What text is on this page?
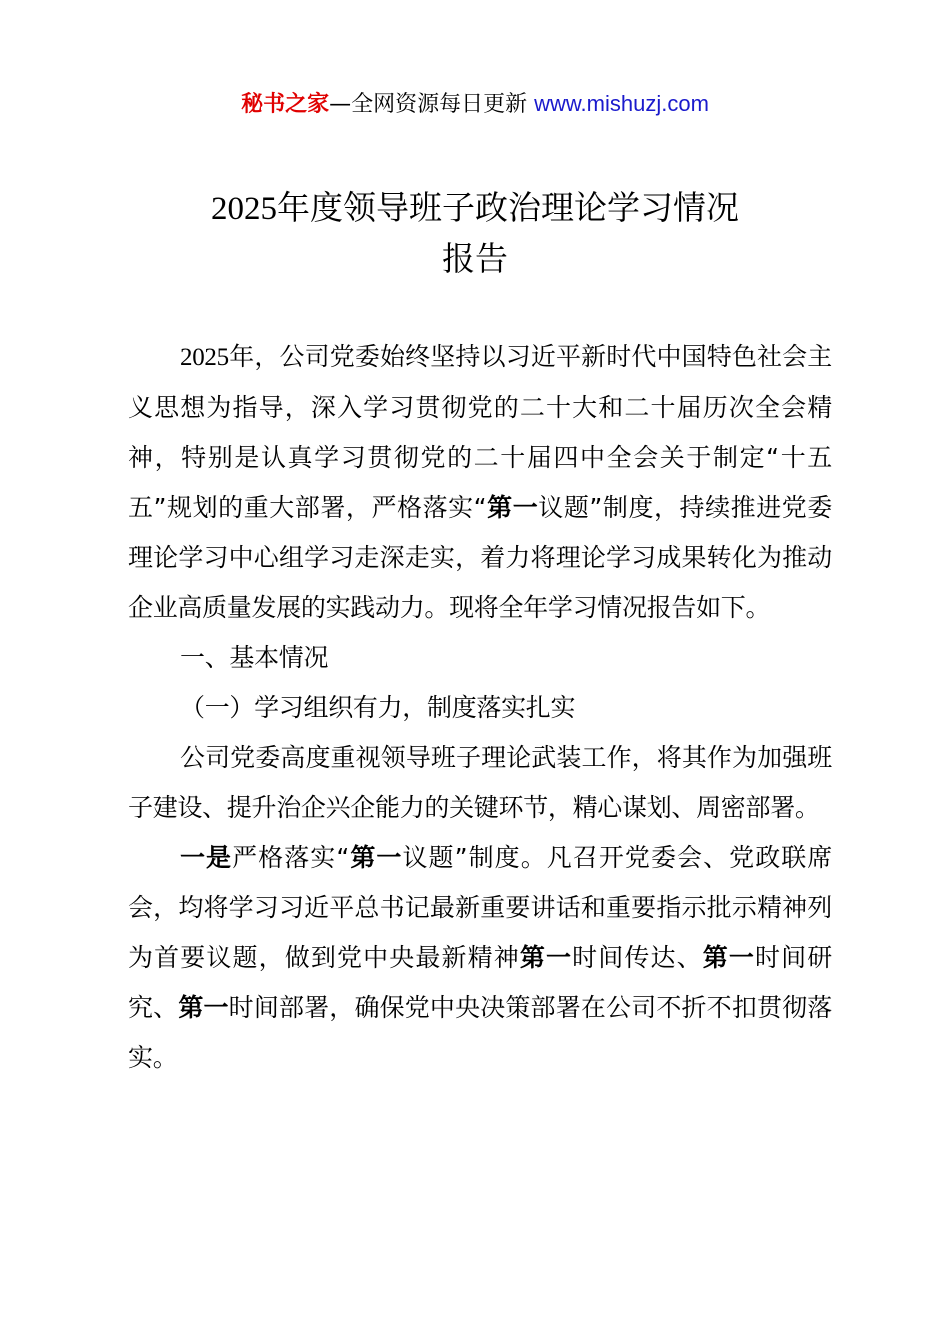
秘书之家—全网资源每日更新 www.mishuzj.com
2025年度领导班子政治理论学习情况
报告

2025年，公司党委始终坚持以习近平新时代中国特色社会主义思想为指导，深入学习贯彻党的二十大和二十届历次全会精神，特别是认真学习贯彻党的二十届四中全会关于制定“十五五”规划的重大部署，严格落实“第一议题”制度，持续推进党委理论学习中心组学习走深走实，着力将理论学习成果转化为推动企业高质量发展的实践动力。现将全年学习情况报告如下。

一、基本情况

（一）学习组织有力，制度落实扎实

公司党委高度重视领导班子理论武装工作，将其作为加强班子建设、提升治企兴企能力的关键环节，精心谋划、周密部署。

一是严格落实“第一议题”制度。凡召开党委会、党政联席会，均将学习习近平总书记最新重要讲话和重要指示批示精神列为首要议题，做到党中央最新精神第一时间传达、第一时间研究、第一时间部署，确保党中央决策部署在公司不折不扣贯彻落实。
